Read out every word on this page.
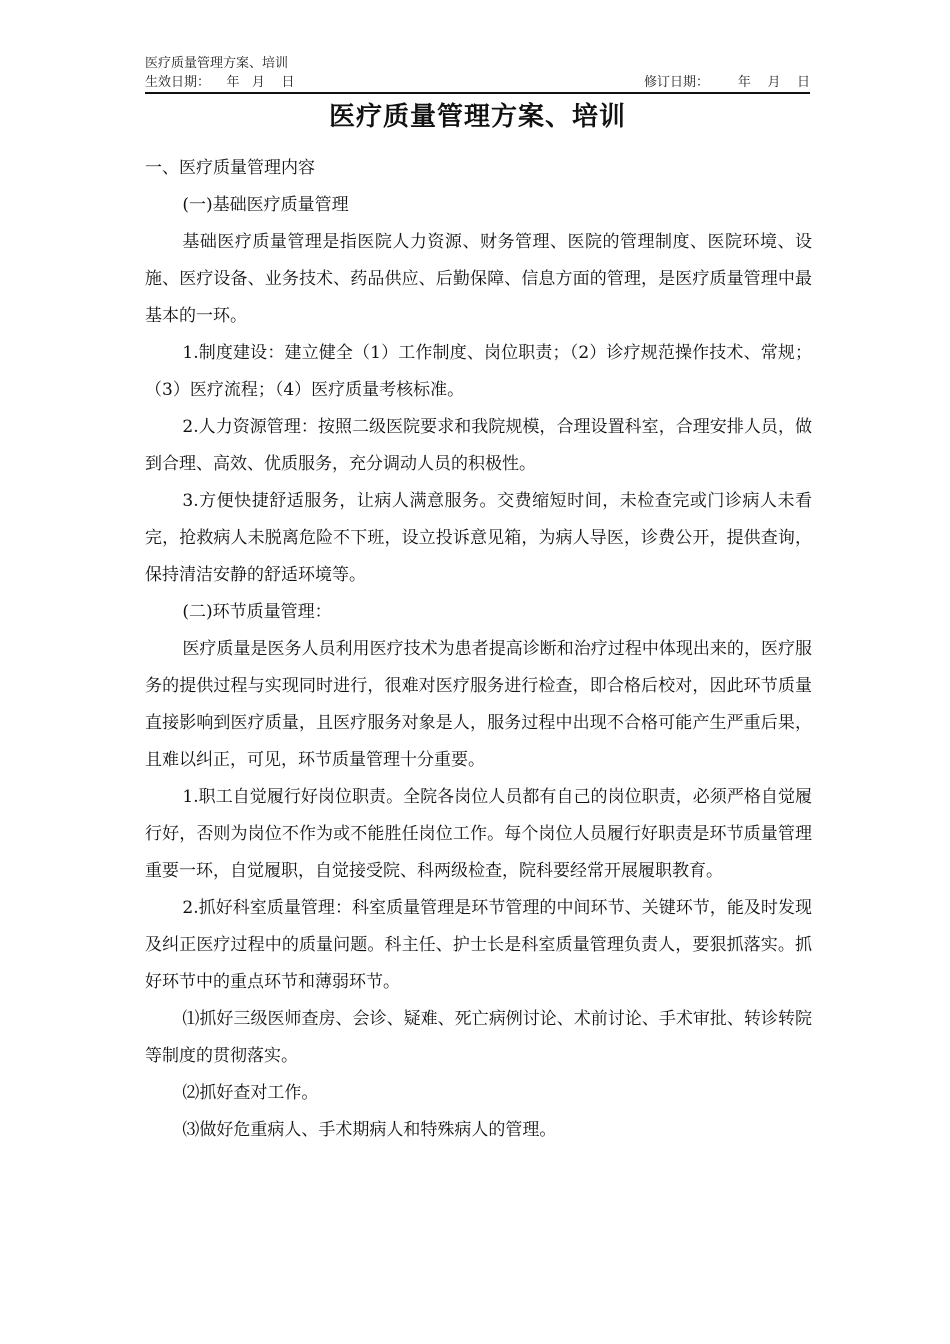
医疗质量管理方案、培训
生效日期：    年   月    日	修订日期：       年    月    日
医疗质量管理方案、培训

一、医疗质量管理内容

(一)基础医疗质量管理

基础医疗质量管理是指医院人力资源、财务管理、医院的管理制度、医院环境、设施、医疗设备、业务技术、药品供应、后勤保障、信息方面的管理，是医疗质量管理中最基本的一环。

1.制度建设：建立健全（1）工作制度、岗位职责；（2）诊疗规范操作技术、常规；（3）医疗流程；（4）医疗质量考核标准。

2.人力资源管理：按照二级医院要求和我院规模，合理设置科室，合理安排人员，做到合理、高效、优质服务，充分调动人员的积极性。

3.方便快捷舒适服务，让病人满意服务。交费缩短时间，未检查完或门诊病人未看完，抢救病人未脱离危险不下班，设立投诉意见箱，为病人导医，诊费公开，提供查询，保持清洁安静的舒适环境等。

(二)环节质量管理：

医疗质量是医务人员利用医疗技术为患者提高诊断和治疗过程中体现出来的，医疗服务的提供过程与实现同时进行，很难对医疗服务进行检查，即合格后校对，因此环节质量直接影响到医疗质量，且医疗服务对象是人，服务过程中出现不合格可能产生严重后果，且难以纠正，可见，环节质量管理十分重要。

1.职工自觉履行好岗位职责。全院各岗位人员都有自己的岗位职责，必须严格自觉履行好，否则为岗位不作为或不能胜任岗位工作。每个岗位人员履行好职责是环节质量管理重要一环，自觉履职，自觉接受院、科两级检查，院科要经常开展履职教育。

2.抓好科室质量管理：科室质量管理是环节管理的中间环节、关键环节，能及时发现及纠正医疗过程中的质量问题。科主任、护士长是科室质量管理负责人，要狠抓落实。抓好环节中的重点环节和薄弱环节。

⑴抓好三级医师查房、会诊、疑难、死亡病例讨论、术前讨论、手术审批、转诊转院等制度的贯彻落实。

⑵抓好查对工作。

⑶做好危重病人、手术期病人和特殊病人的管理。
